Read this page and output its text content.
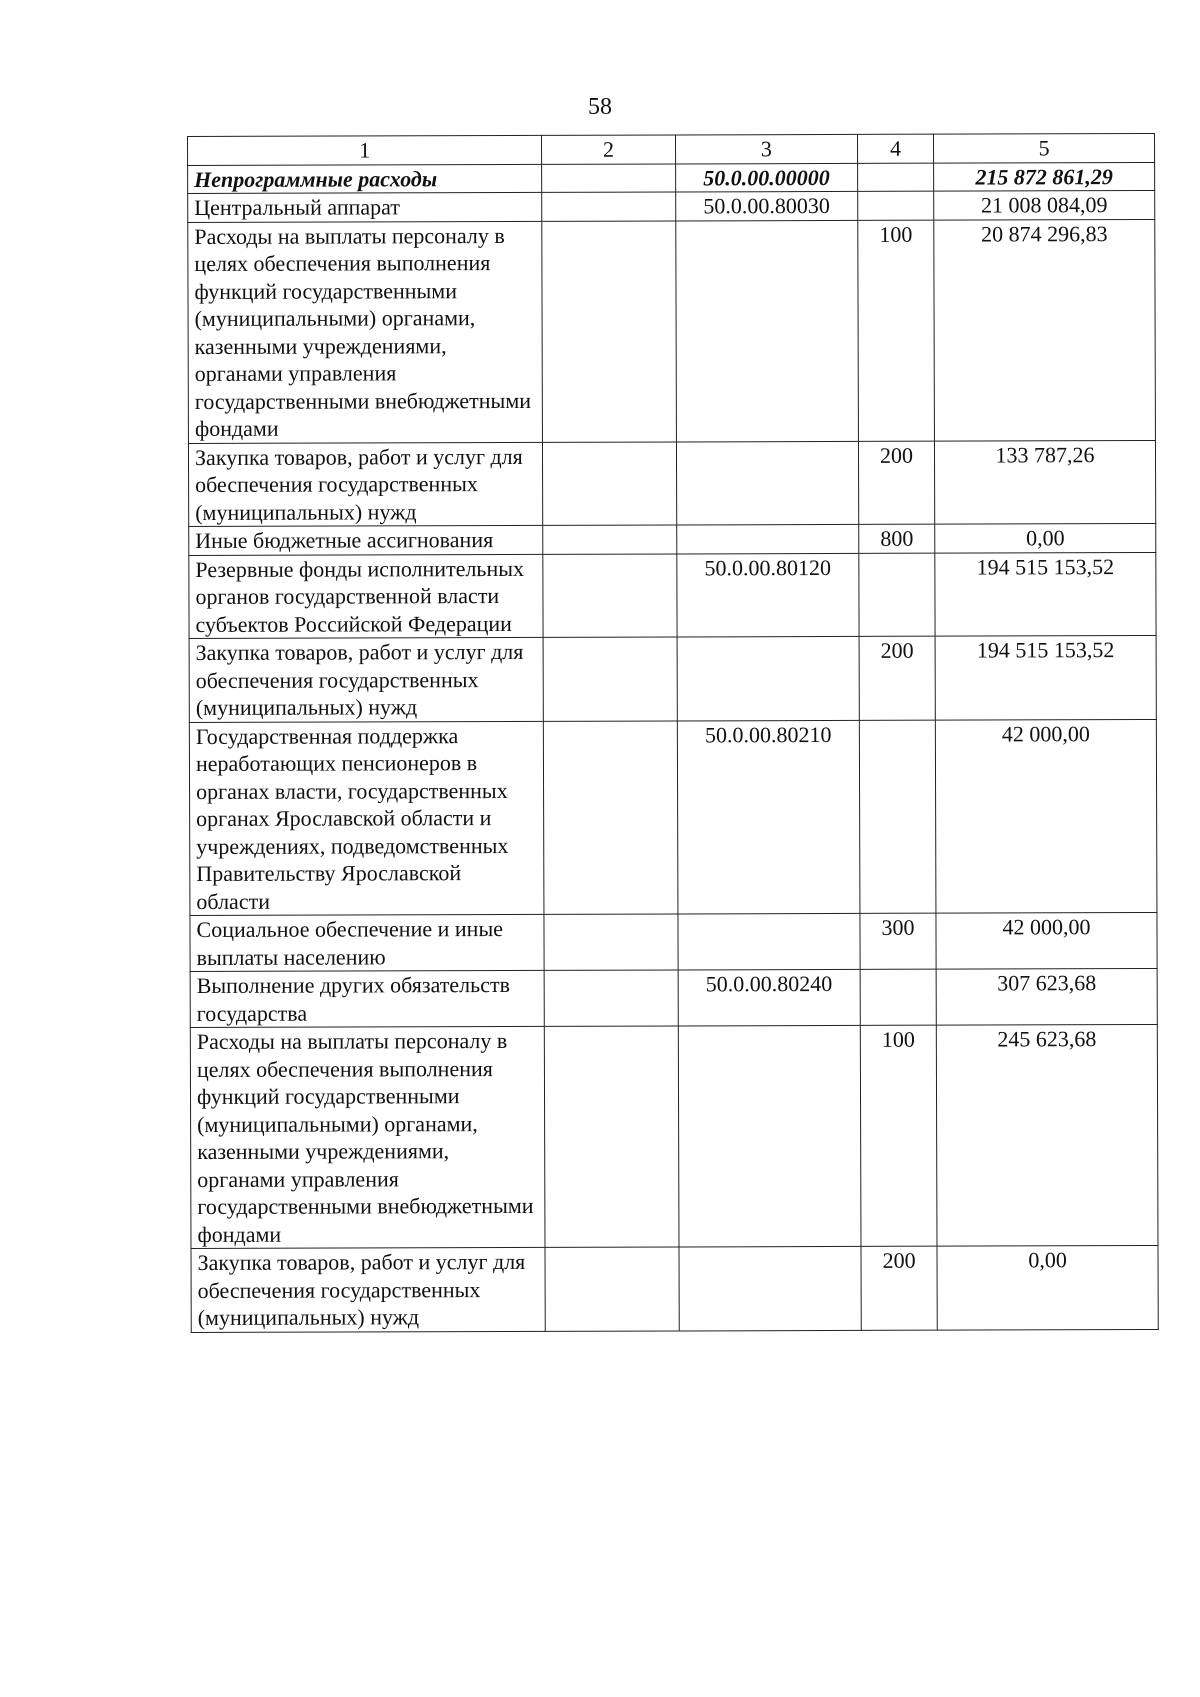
58
1	2	3	4	5
Непрограммные расходы		50.0.00.00000		215 872 861,29
Центральный аппарат		50.0.00.80030		21 008 084,09
Расходы на выплаты персоналу в целях обеспечения выполнения функций государственными (муниципальными) органами, казенными учреждениями, органами управления государственными внебюджетными фондами			100	20 874 296,83
Закупка товаров, работ и услуг для обеспечения государственных (муниципальных) нужд			200	133 787,26
Иные бюджетные ассигнования			800	0,00
Резервные фонды исполнительных органов государственной власти субъектов Российской Федерации		50.0.00.80120		194 515 153,52
Закупка товаров, работ и услуг для обеспечения государственных (муниципальных) нужд			200	194 515 153,52
Государственная поддержка неработающих пенсионеров в органах власти, государственных органах Ярославской области и учреждениях, подведомственных Правительству Ярославской области		50.0.00.80210		42 000,00
Социальное обеспечение и иные выплаты населению			300	42 000,00
Выполнение других обязательств государства		50.0.00.80240		307 623,68
Расходы на выплаты персоналу в целях обеспечения выполнения функций государственными (муниципальными) органами, казенными учреждениями, органами управления государственными внебюджетными фондами			100	245 623,68
Закупка товаров, работ и услуг для обеспечения государственных (муниципальных) нужд			200	0,00
